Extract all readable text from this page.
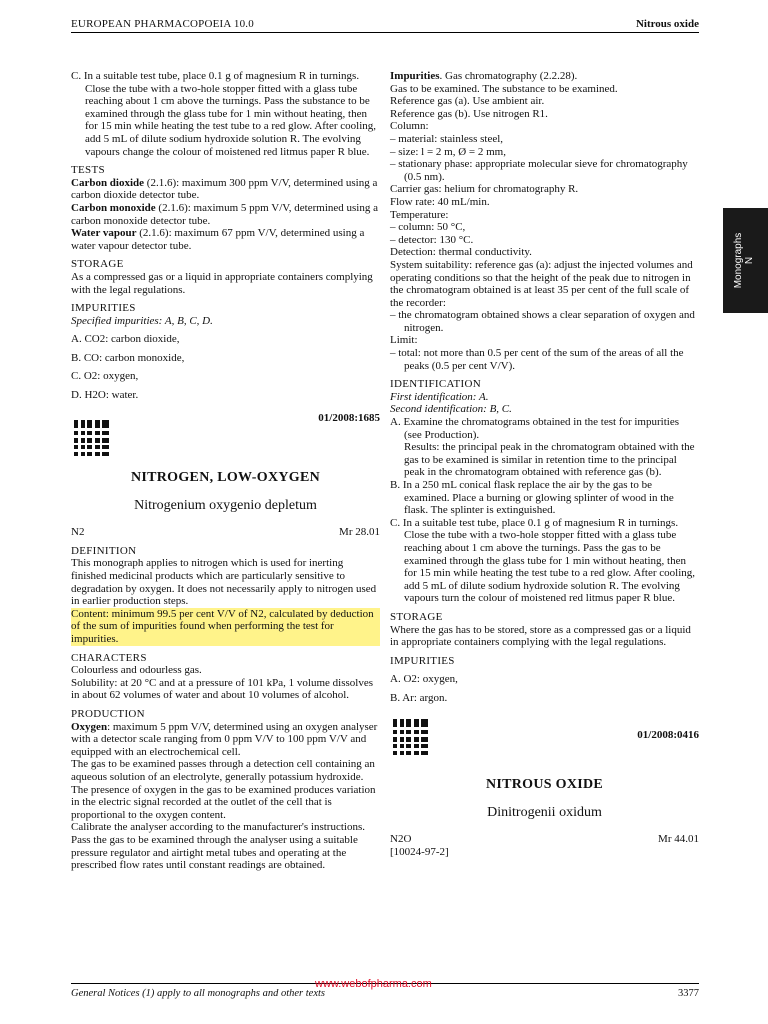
EUROPEAN PHARMACOPOEIA 10.0	Nitrous oxide
Monographs N

C. In a suitable test tube, place 0.1 g of magnesium R in turnings. Close the tube with a two-hole stopper fitted with a glass tube reaching about 1 cm above the turnings. Pass the substance to be examined through the glass tube for 1 min without heating, then for 15 min while heating the test tube to a red glow. After cooling, add 5 mL of dilute sodium hydroxide solution R. The evolving vapours change the colour of moistened red litmus paper R blue.

TESTS

Carbon dioxide (2.1.6): maximum 300 ppm V/V, determined using a carbon dioxide detector tube.

Carbon monoxide (2.1.6): maximum 5 ppm V/V, determined using a carbon monoxide detector tube.

Water vapour (2.1.6): maximum 67 ppm V/V, determined using a water vapour detector tube.

STORAGE

As a compressed gas or a liquid in appropriate containers complying with the legal regulations.

IMPURITIES

Specified impurities: A, B, C, D.

A. CO2: carbon dioxide,

B. CO: carbon monoxide,

C. O2: oxygen,

D. H2O: water.

01/2008:1685

NITROGEN, LOW-OXYGEN

Nitrogenium oxygenio depletum

N2	Mr 28.01

DEFINITION

This monograph applies to nitrogen which is used for inerting finished medicinal products which are particularly sensitive to degradation by oxygen. It does not necessarily apply to nitrogen used in earlier production steps.

Content: minimum 99.5 per cent V/V of N2, calculated by deduction of the sum of impurities found when performing the test for impurities.

CHARACTERS

Colourless and odourless gas.

Solubility: at 20 °C and at a pressure of 101 kPa, 1 volume dissolves in about 62 volumes of water and about 10 volumes of alcohol.

PRODUCTION

Oxygen: maximum 5 ppm V/V, determined using an oxygen analyser with a detector scale ranging from 0 ppm V/V to 100 ppm V/V and equipped with an electrochemical cell.

The gas to be examined passes through a detection cell containing an aqueous solution of an electrolyte, generally potassium hydroxide. The presence of oxygen in the gas to be examined produces variation in the electric signal recorded at the outlet of the cell that is proportional to the oxygen content.

Calibrate the analyser according to the manufacturer's instructions. Pass the gas to be examined through the analyser using a suitable pressure regulator and airtight metal tubes and operating at the prescribed flow rates until constant readings are obtained.

Impurities. Gas chromatography (2.2.28).

Gas to be examined. The substance to be examined.

Reference gas (a). Use ambient air.

Reference gas (b). Use nitrogen R1.

Column:

– material: stainless steel,

– size: l = 2 m, Ø = 2 mm,

– stationary phase: appropriate molecular sieve for chromatography (0.5 nm).

Carrier gas: helium for chromatography R.

Flow rate: 40 mL/min.

Temperature:

– column: 50 °C,

– detector: 130 °C.

Detection: thermal conductivity.

System suitability: reference gas (a): adjust the injected volumes and operating conditions so that the height of the peak due to nitrogen in the chromatogram obtained is at least 35 per cent of the full scale of the recorder:

– the chromatogram obtained shows a clear separation of oxygen and nitrogen.

Limit:

– total: not more than 0.5 per cent of the sum of the areas of all the peaks (0.5 per cent V/V).

IDENTIFICATION

First identification: A.

Second identification: B, C.

A. Examine the chromatograms obtained in the test for impurities (see Production).

Results: the principal peak in the chromatogram obtained with the gas to be examined is similar in retention time to the principal peak in the chromatogram obtained with reference gas (b).

B. In a 250 mL conical flask replace the air by the gas to be examined. Place a burning or glowing splinter of wood in the flask. The splinter is extinguished.

C. In a suitable test tube, place 0.1 g of magnesium R in turnings. Close the tube with a two-hole stopper fitted with a glass tube reaching about 1 cm above the turnings. Pass the gas to be examined through the glass tube for 1 min without heating, then for 15 min while heating the test tube to a red glow. After cooling, add 5 mL of dilute sodium hydroxide solution R. The evolving vapours turn the colour of moistened red litmus paper R blue.

STORAGE

Where the gas has to be stored, store as a compressed gas or a liquid in appropriate containers complying with the legal regulations.

IMPURITIES

A. O2: oxygen,

B. Ar: argon.

01/2008:0416

NITROUS OXIDE

Dinitrogenii oxidum

N2O	Mr 44.01

[10024-97-2]

General Notices (1) apply to all monographs and other texts
www.webofpharma.com
3377
